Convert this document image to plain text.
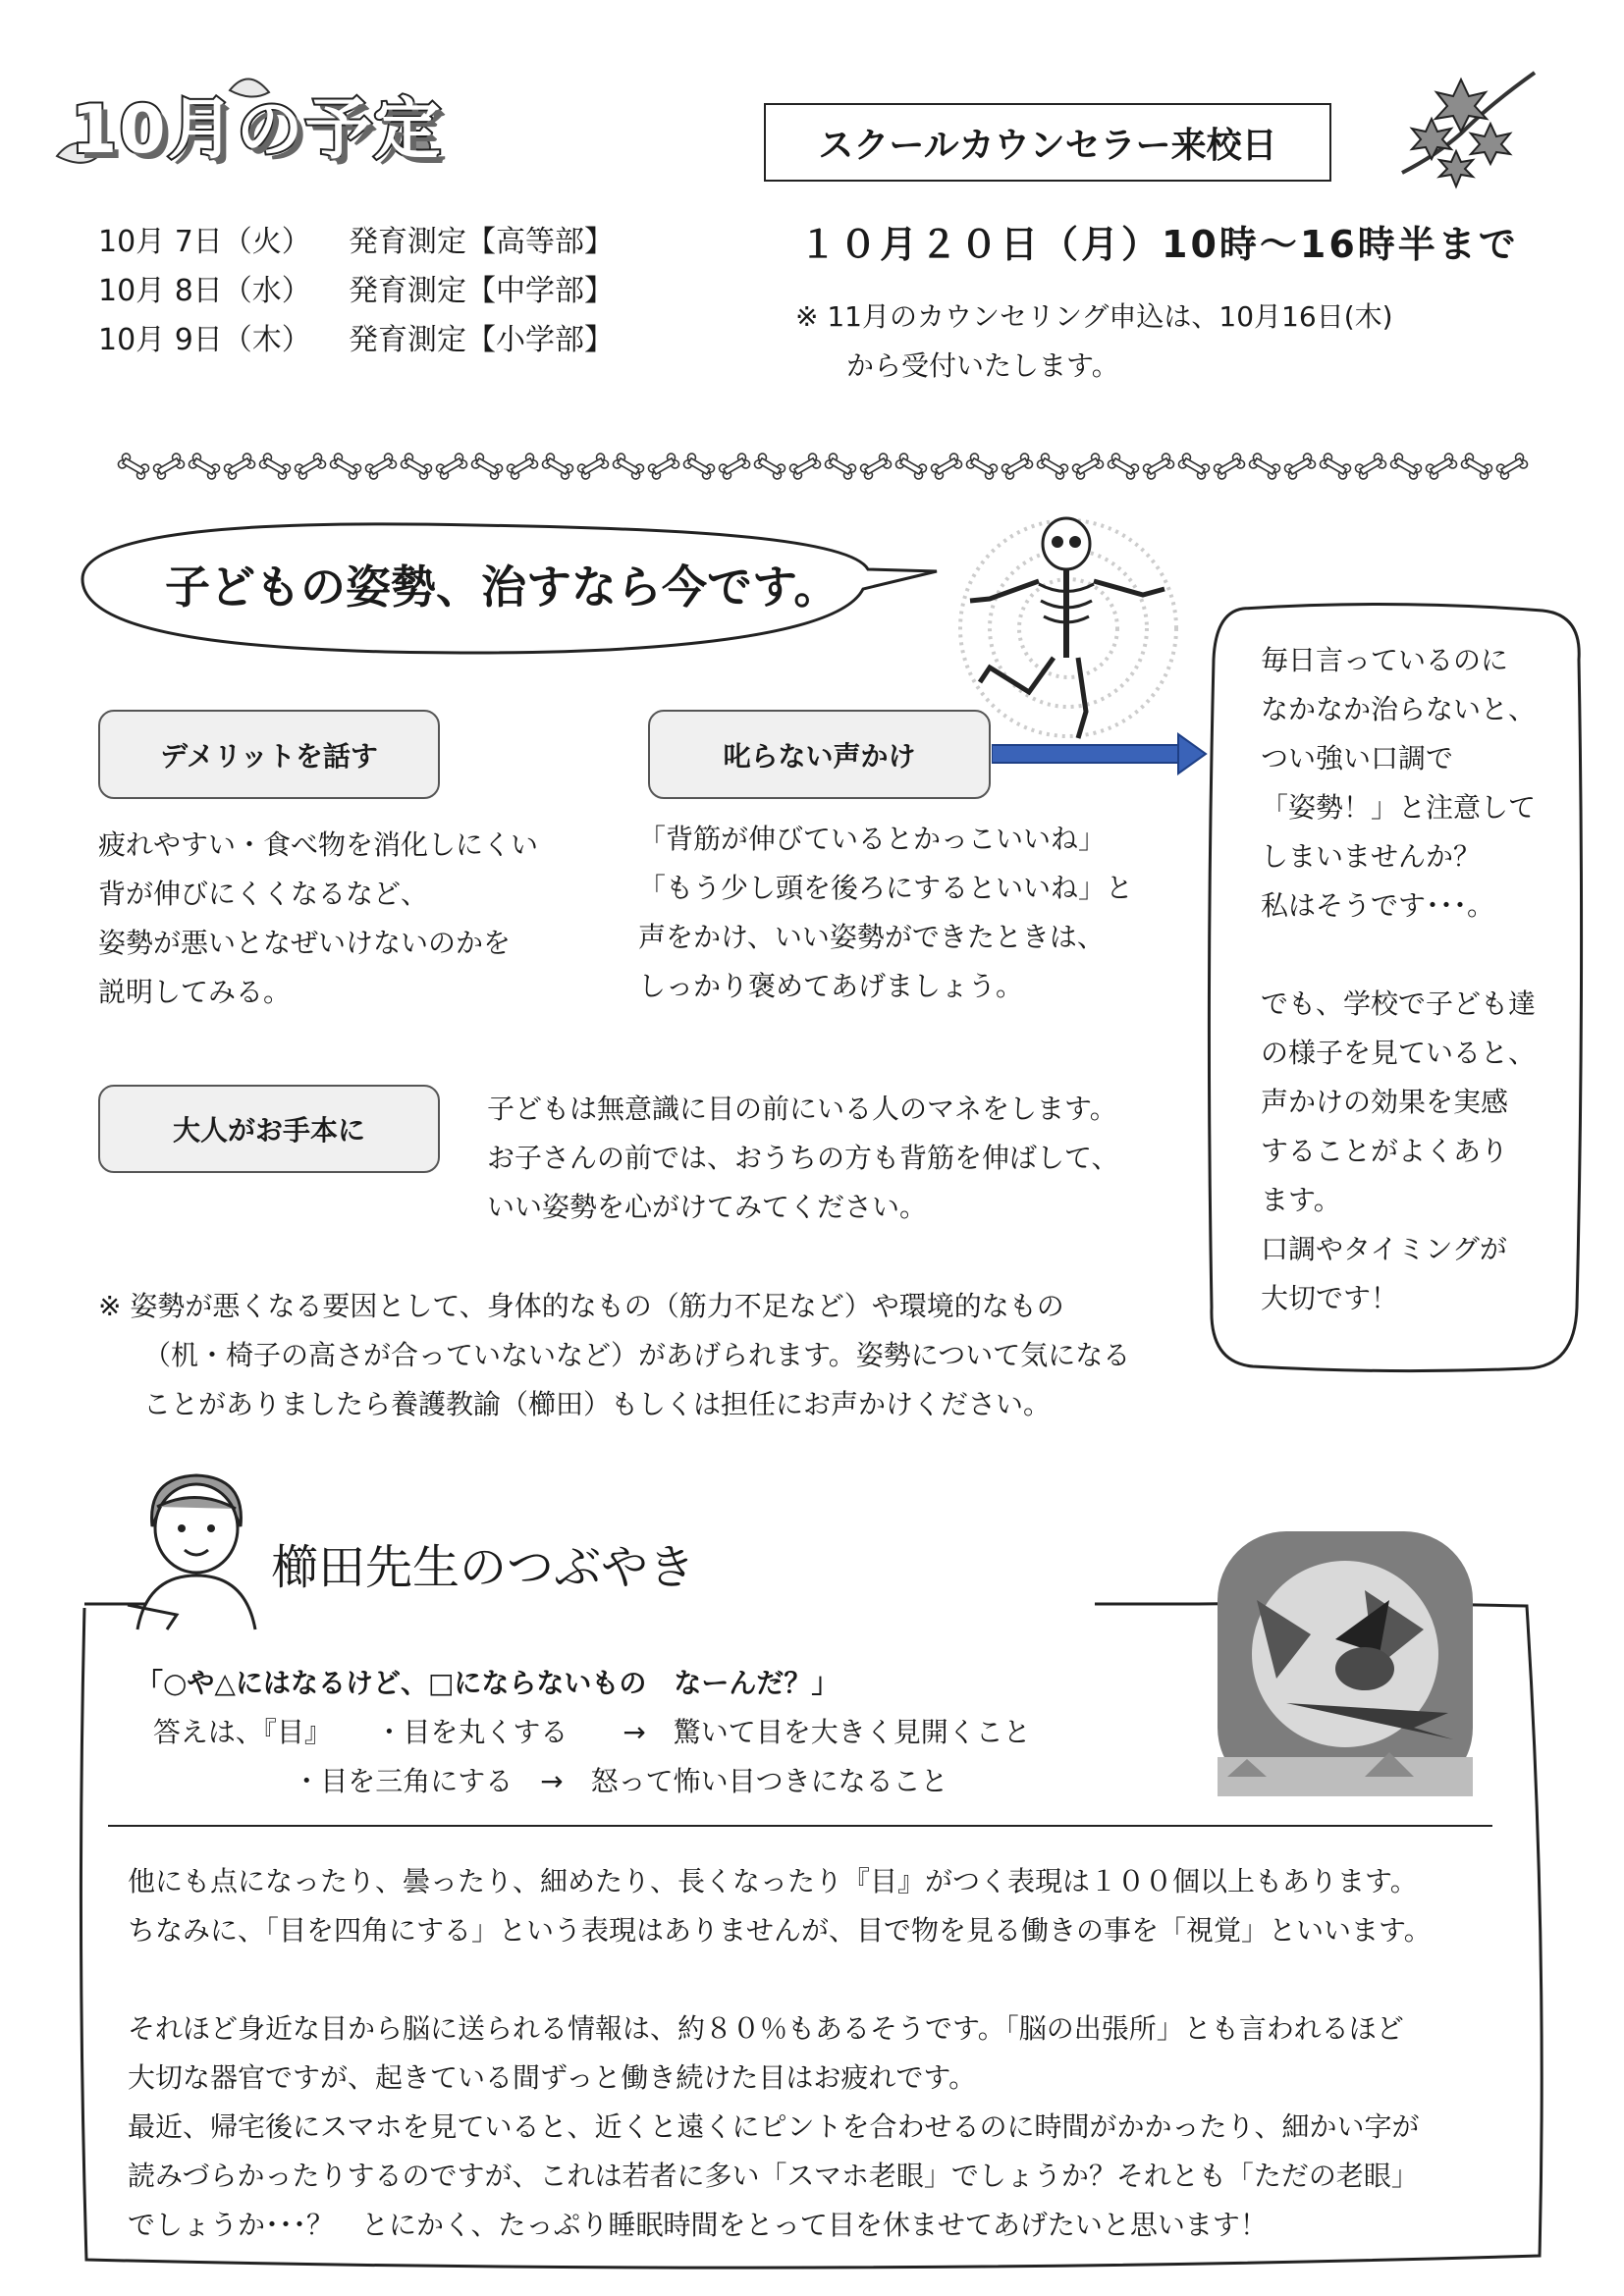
10月の予定
10月 7日（火） 発育測定【高等部】
10月 8日（水） 発育測定【中学部】
10月 9日（木） 発育測定【小学部】
スクールカウンセラー来校日
１０月２０日（月）10時～16時半まで
※ 11月のカウンセリング申込は、10月16日(木)
から受付いたします。
子どもの姿勢、治すなら今です。
デメリットを話す	叱らない声かけ
大人がお手本に
疲れやすい・食べ物を消化しにくい
背が伸びにくくなるなど、
姿勢が悪いとなぜいけないのかを
説明してみる。
「背筋が伸びているとかっこいいね」
「もう少し頭を後ろにするといいね」と
声をかけ、いい姿勢ができたときは、
しっかり褒めてあげましょう。
子どもは無意識に目の前にいる人のマネをします。
お子さんの前では、おうちの方も背筋を伸ばして、
いい姿勢を心がけてみてください。
※ 姿勢が悪くなる要因として、身体的なもの（筋力不足など）や環境的なもの
（机・椅子の高さが合っていないなど）があげられます。姿勢について気になる
ことがありましたら養護教諭（櫛田）もしくは担任にお声かけください。
毎日言っているのに
なかなか治らないと、
つい強い口調で
「姿勢！」と注意して
しまいませんか？
私はそうです･･･。
でも、学校で子ども達
の様子を見ていると、
声かけの効果を実感
することがよくあり
ます。
口調やタイミングが
大切です！
櫛田先生のつぶやき
「○や△にはなるけど、□にならないもの　なーんだ？」
答えは、『目』 ・目を丸くする　　→　驚いて目を大きく見開くこと
・目を三角にする　→　怒って怖い目つきになること

他にも点になったり、曇ったり、細めたり、長くなったり『目』がつく表現は１００個以上もあります。

ちなみに、「目を四角にする」という表現はありませんが、目で物を見る働きの事を「視覚」といいます。

それほど身近な目から脳に送られる情報は、約８０％もあるそうです。「脳の出張所」とも言われるほど

大切な器官ですが、起きている間ずっと働き続けた目はお疲れです。

最近、帰宅後にスマホを見ていると、近くと遠くにピントを合わせるのに時間がかかったり、細かい字が

読みづらかったりするのですが、これは若者に多い「スマホ老眼」でしょうか？それとも「ただの老眼」

でしょうか･･･？　とにかく、たっぷり睡眠時間をとって目を休ませてあげたいと思います！
